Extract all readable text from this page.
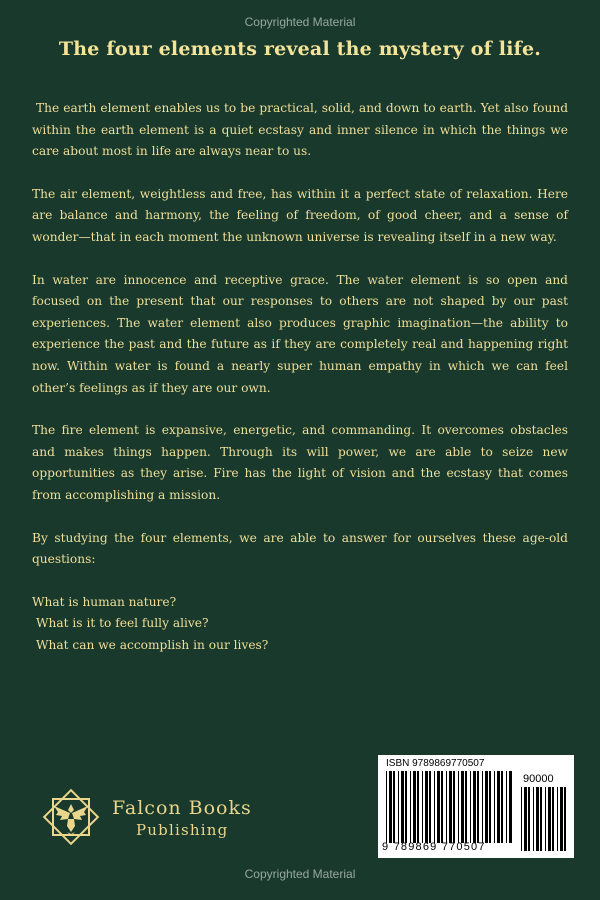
Copyrighted Material
The four elements reveal the mystery of life.

The earth element enables us to be practical, solid, and down to earth. Yet also found within the earth element is a quiet ecstasy and inner silence in which the things we care about most in life are always near to us.

The air element, weightless and free, has within it a perfect state of relaxation. Here are balance and harmony, the feeling of freedom, of good cheer, and a sense of wonder—that in each moment the unknown universe is revealing itself in a new way.

In water are innocence and receptive grace. The water element is so open and focused on the present that our responses to others are not shaped by our past experiences. The water element also produces graphic imagination—the ability to experience the past and the future as if they are completely real and happening right now. Within water is found a nearly super human empathy in which we can feel other’s feelings as if they are our own.

The fire element is expansive, energetic, and commanding. It overcomes obstacles and makes things happen. Through its will power, we are able to seize new opportunities as they arise. Fire has the light of vision and the ecstasy that comes from accomplishing a mission.

By studying the four elements, we are able to answer for ourselves these age-old questions:

What is human nature?
What is it to feel fully alive?
What can we accomplish in our lives?
Falcon Books
Publishing
ISBN 9789869770507
90000
9 789869 770507
Copyrighted Material
